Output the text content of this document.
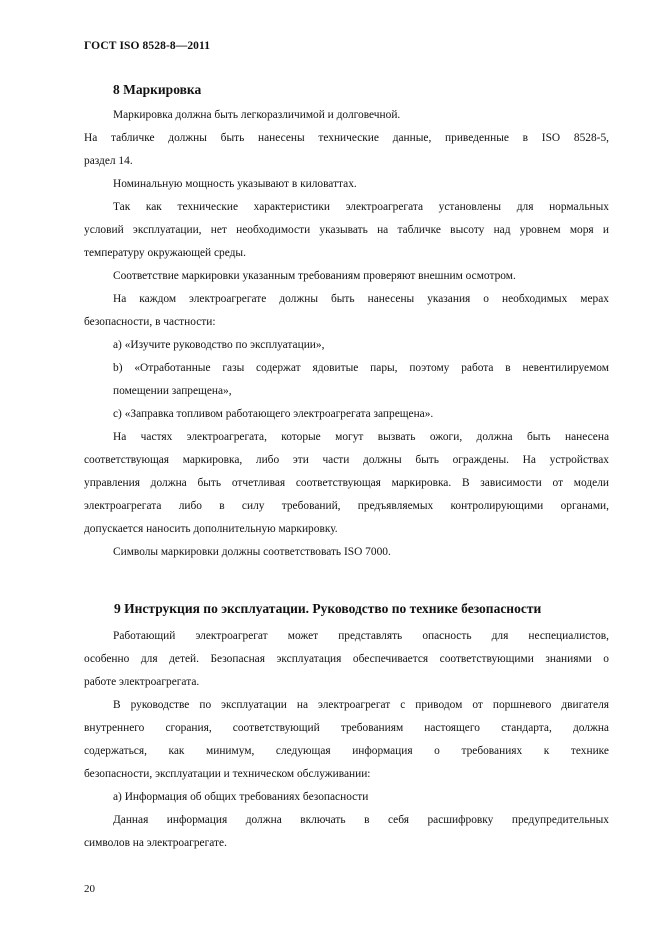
ГОСТ ISO 8528-8—2011
8 Маркировка
Маркировка должна быть легкоразличимой и долговечной.
На табличке должны быть нанесены технические данные, приведенные в ISO 8528-5,
раздел 14.
Номинальную мощность указывают в киловаттах.
Так как технические характеристики электроагрегата установлены для нормальных
условий эксплуатации, нет необходимости указывать на табличке высоту над уровнем моря и
температуру окружающей среды.
Соответствие маркировки указанным требованиям проверяют внешним осмотром.
На каждом электроагрегате должны быть нанесены указания о необходимых мерах
безопасности, в частности:
а) «Изучите руководство по эксплуатации»,
b) «Отработанные газы содержат ядовитые пары, поэтому работа в невентилируемом
помещении запрещена»,
с) «Заправка топливом работающего электроагрегата запрещена».
На частях электроагрегата, которые могут вызвать ожоги, должна быть нанесена
соответствующая маркировка, либо эти части должны быть ограждены. На устройствах
управления должна быть отчетливая соответствующая маркировка. В зависимости от модели
электроагрегата либо в силу требований, предъявляемых контролирующими органами,
допускается наносить дополнительную маркировку.
Символы маркировки должны соответствовать ISO 7000.
9 Инструкция по эксплуатации. Руководство по технике безопасности
Работающий электроагрегат может представлять опасность для неспециалистов,
особенно для детей. Безопасная эксплуатация обеспечивается соответствующими знаниями о
работе электроагрегата.
В руководстве по эксплуатации на электроагрегат с приводом от поршневого двигателя
внутреннего сгорания, соответствующий требованиям настоящего стандарта, должна
содержаться, как минимум, следующая информация о требованиях к технике
безопасности, эксплуатации и техническом обслуживании:
а) Информация об общих требованиях безопасности
Данная информация должна включать в себя расшифровку предупредительных
символов на электроагрегате.
20
